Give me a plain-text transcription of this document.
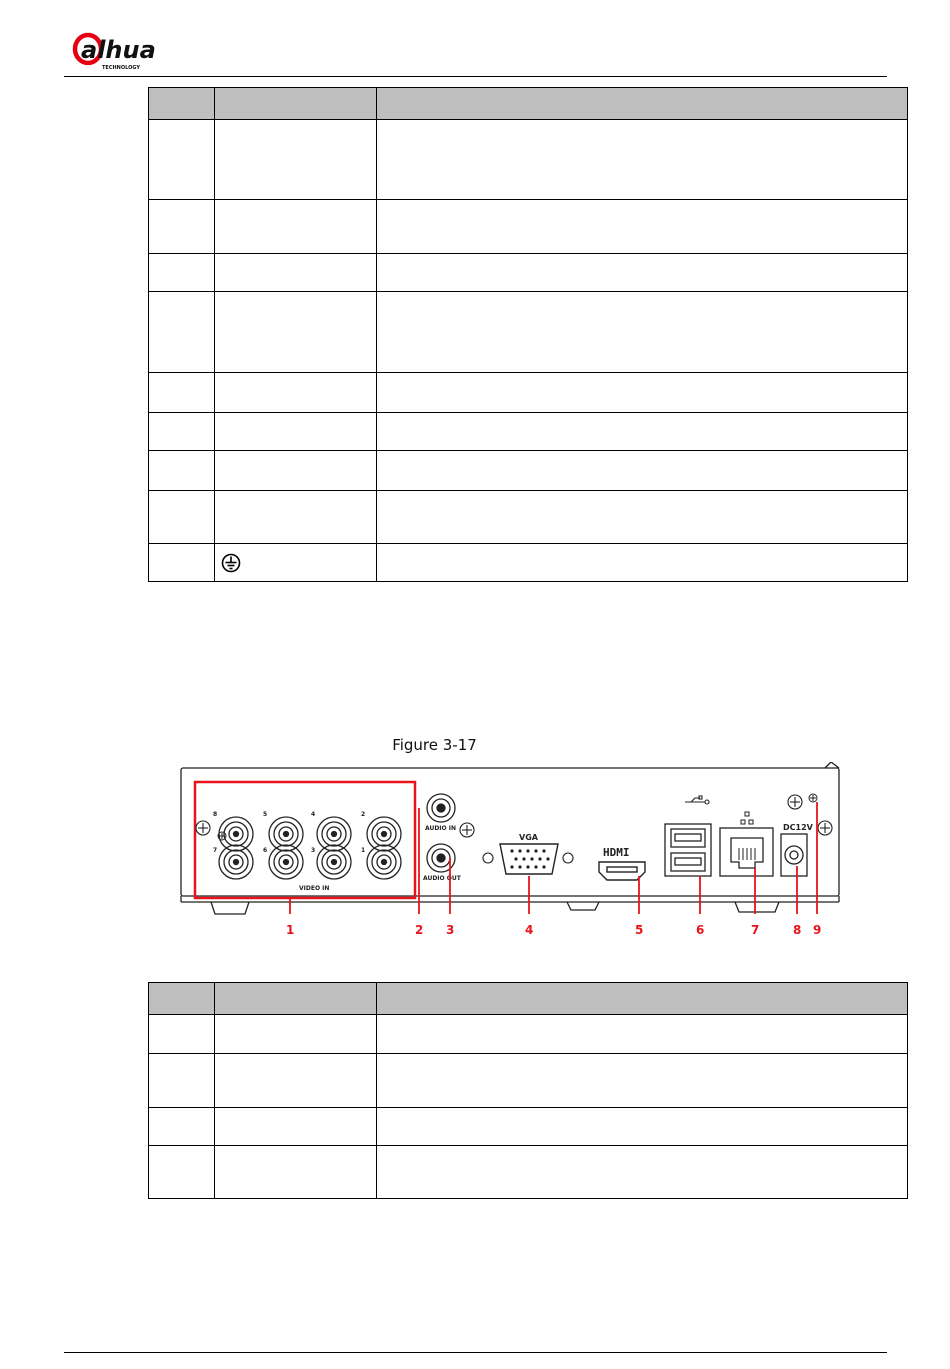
alhua
TECHNOLOGY

Figure 3-17
8	5	4	2
7	6	3	1
VIDEO IN
AUDIO IN
AUDIO OUT
VGA
HDMI
DC12V
1	2 3	4	5	6	7	8 9
